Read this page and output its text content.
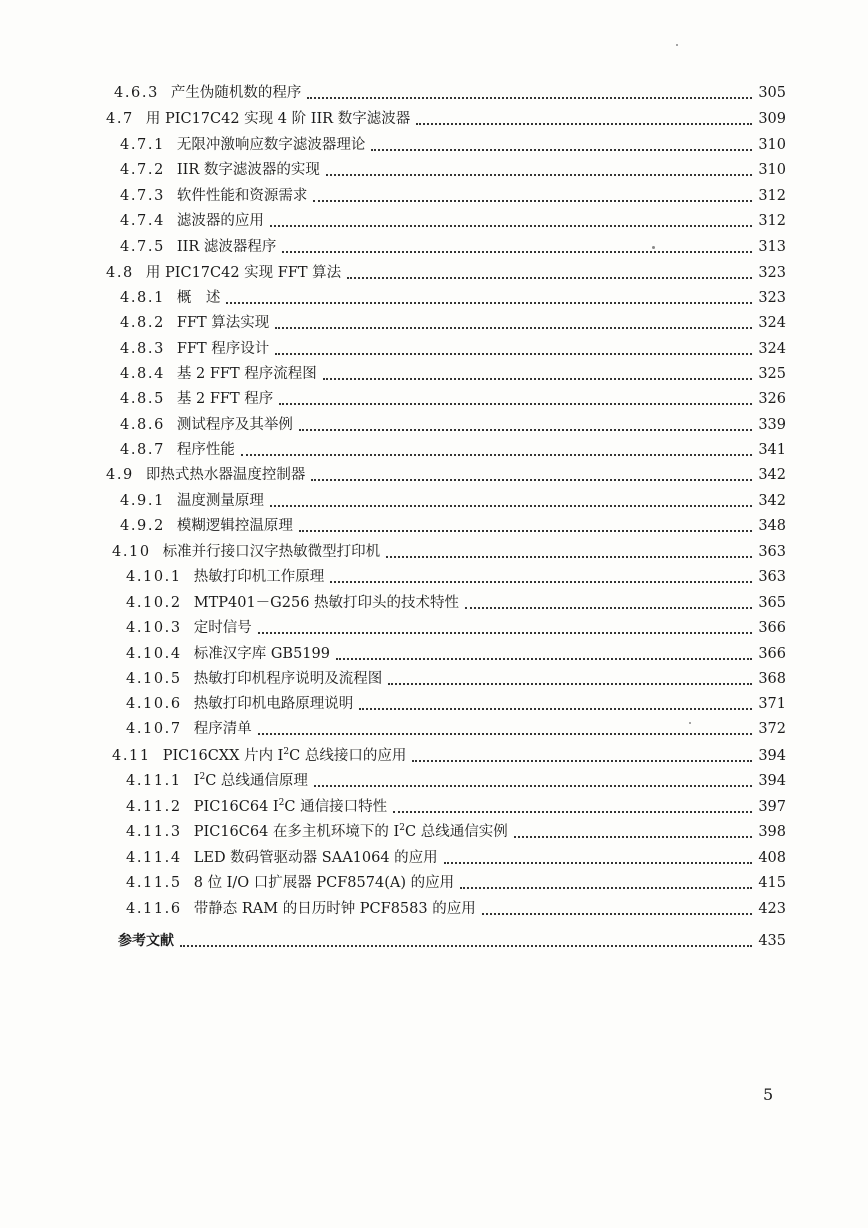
4.6.3 产生伪随机数的程序	305
4.7 用 PIC17C42 实现 4 阶 IIR 数字滤波器	309
4.7.1 无限冲激响应数字滤波器理论	310
4.7.2 IIR 数字滤波器的实现	310
4.7.3 软件性能和资源需求	312
4.7.4 滤波器的应用	312
4.7.5 IIR 滤波器程序	313
4.8 用 PIC17C42 实现 FFT 算法	323
4.8.1 概　述	323
4.8.2 FFT 算法实现	324
4.8.3 FFT 程序设计	324
4.8.4 基 2 FFT 程序流程图	325
4.8.5 基 2 FFT 程序	326
4.8.6 测试程序及其举例	339
4.8.7 程序性能	341
4.9 即热式热水器温度控制器	342
4.9.1 温度测量原理	342
4.9.2 模糊逻辑控温原理	348
4.10 标准并行接口汉字热敏微型打印机	363
4.10.1 热敏打印机工作原理	363
4.10.2 MTP401－G256 热敏打印头的技术特性	365
4.10.3 定时信号	366
4.10.4 标准汉字库 GB5199	366
4.10.5 热敏打印机程序说明及流程图	368
4.10.6 热敏打印机电路原理说明	371
4.10.7 程序清单	372
4.11 PIC16CXX 片内 $I^2C$ 总线接口的应用	394
4.11.1 $I^2C$ 总线通信原理	394
4.11.2 PIC16C64 $I^2C$ 通信接口特性	397
4.11.3 PIC16C64 在多主机环境下的 $I^2C$ 总线通信实例	398
4.11.4 LED 数码管驱动器 SAA1064 的应用	408
4.11.5 8 位 I/O 口扩展器 PCF8574(A) 的应用	415
4.11.6 带静态 RAM 的日历时钟 PCF8583 的应用	423
参考文献	435
5
